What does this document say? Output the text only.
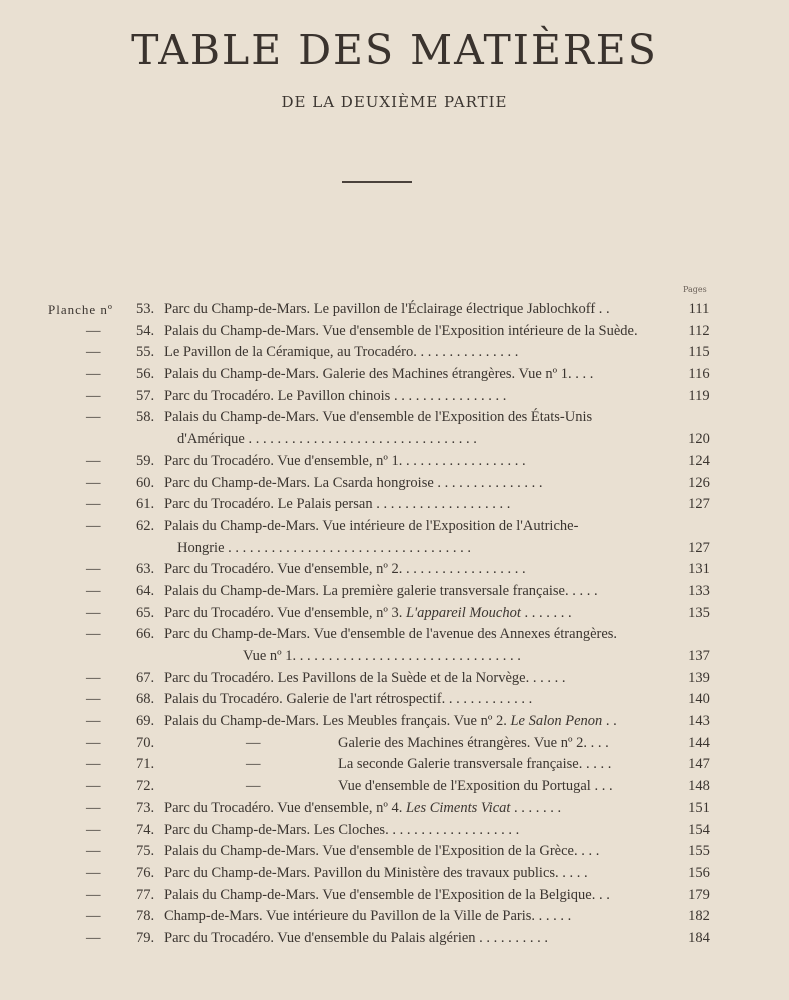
TABLE DES MATIÈRES
DE LA DEUXIÈME PARTIE
Pages
Planche nº	53. Parc du Champ-de-Mars. Le pavillon de l'Éclairage électrique Jablochkoff . .	111
—	54. Palais du Champ-de-Mars. Vue d'ensemble de l'Exposition intérieure de la Suède.	112
—	55. Le Pavillon de la Céramique, au Trocadéro. . . . . . . . . . . . . . .	115
—	56. Palais du Champ-de-Mars. Galerie des Machines étrangères. Vue nº 1. . . .	116
—	57. Parc du Trocadéro. Le Pavillon chinois . . . . . . . . . . . . . . . .	119
—	58. Palais du Champ-de-Mars. Vue d'ensemble de l'Exposition des États-Unis
d'Amérique . . . . . . . . . . . . . . . . . . . . . . . . . . . . . . . .	120
—	59. Parc du Trocadéro. Vue d'ensemble, nº 1. . . . . . . . . . . . . . . . . .	124
—	60. Parc du Champ-de-Mars. La Csarda hongroise . . . . . . . . . . . . . . .	126
—	61. Parc du Trocadéro. Le Palais persan . . . . . . . . . . . . . . . . . . .	127
—	62. Palais du Champ-de-Mars. Vue intérieure de l'Exposition de l'Autriche-
Hongrie . . . . . . . . . . . . . . . . . . . . . . . . . . . . . . . . . .	127
—	63. Parc du Trocadéro. Vue d'ensemble, nº 2. . . . . . . . . . . . . . . . . .	131
—	64. Palais du Champ-de-Mars. La première galerie transversale française. . . . .	133
—	65. Parc du Trocadéro. Vue d'ensemble, nº 3. L'appareil Mouchot . . . . . . .	135
—	66. Parc du Champ-de-Mars. Vue d'ensemble de l'avenue des Annexes étrangères.
Vue nº 1. . . . . . . . . . . . . . . . . . . . . . . . . . . . . . . .	137
—	67. Parc du Trocadéro. Les Pavillons de la Suède et de la Norvège. . . . . .	139
—	68. Palais du Trocadéro. Galerie de l'art rétrospectif. . . . . . . . . . . . .	140
—	69. Palais du Champ-de-Mars. Les Meubles français. Vue nº 2. Le Salon Penon . .	143
—	70.	—	Galerie des Machines étrangères. Vue nº 2. . . .	144
—	71.	—	La seconde Galerie transversale française. . . . .	147
—	72.	—	Vue d'ensemble de l'Exposition du Portugal . . .	148
—	73. Parc du Trocadéro. Vue d'ensemble, nº 4. Les Ciments Vicat . . . . . . .	151
—	74. Parc du Champ-de-Mars. Les Cloches. . . . . . . . . . . . . . . . . . .	154
—	75. Palais du Champ-de-Mars. Vue d'ensemble de l'Exposition de la Grèce. . . .	155
—	76. Parc du Champ-de-Mars. Pavillon du Ministère des travaux publics. . . . .	156
—	77. Palais du Champ-de-Mars. Vue d'ensemble de l'Exposition de la Belgique. . .	179
—	78. Champ-de-Mars. Vue intérieure du Pavillon de la Ville de Paris. . . . . .	182
—	79. Parc du Trocadéro. Vue d'ensemble du Palais algérien . . . . . . . . . .	184
